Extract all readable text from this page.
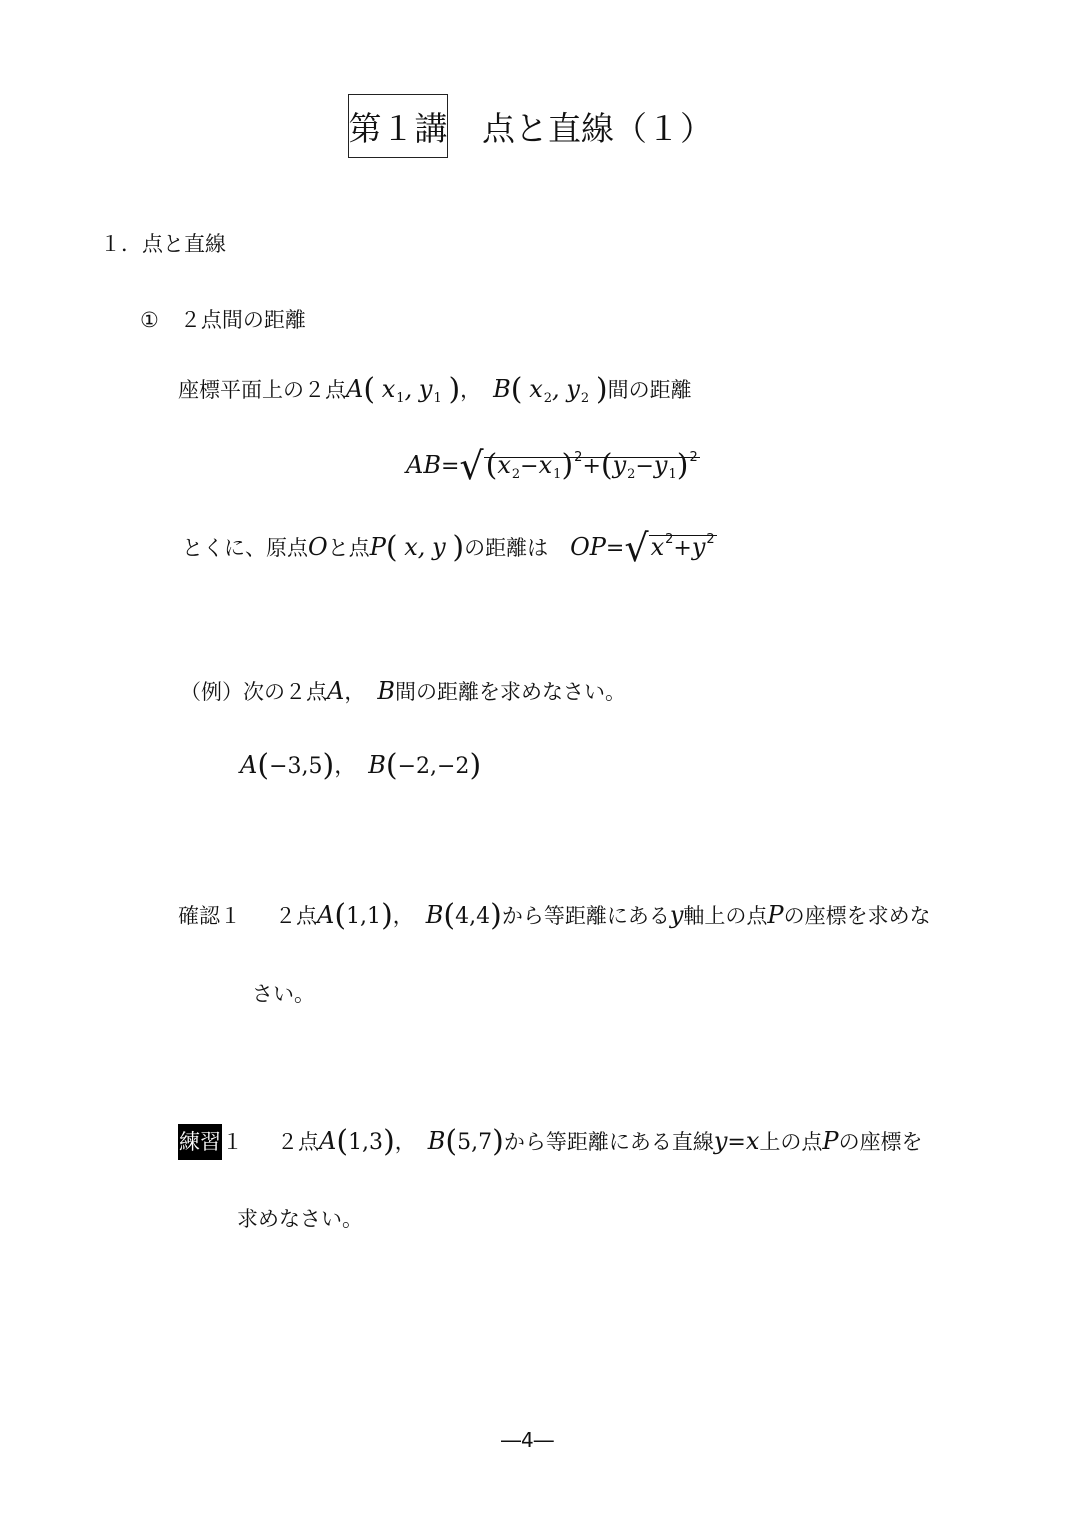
第１講 点と直線（１）
１．点と直線
①　２点間の距離
座標平面上の２点A( $x_1$, $y_1$ )， B( $x_2$, $y_2$ )間の距離
$AB=√(x_2-x_1)^2+(y_2-y_1)^2$
とくに、原点Oと点P( x, y )の距離は $OP=√x^2+y^2$
（例）次の２点A， B間の距離を求めなさい。
A(−3,5)， B(−2,−2)
確認１ ２点A(1,1)， B(4,4)から等距離にあるy軸上の点Pの座標を求めな
さい。
練習１ ２点A(1,3)， B(5,7)から等距離にある直線y=x上の点Pの座標を
求めなさい。
―4―
